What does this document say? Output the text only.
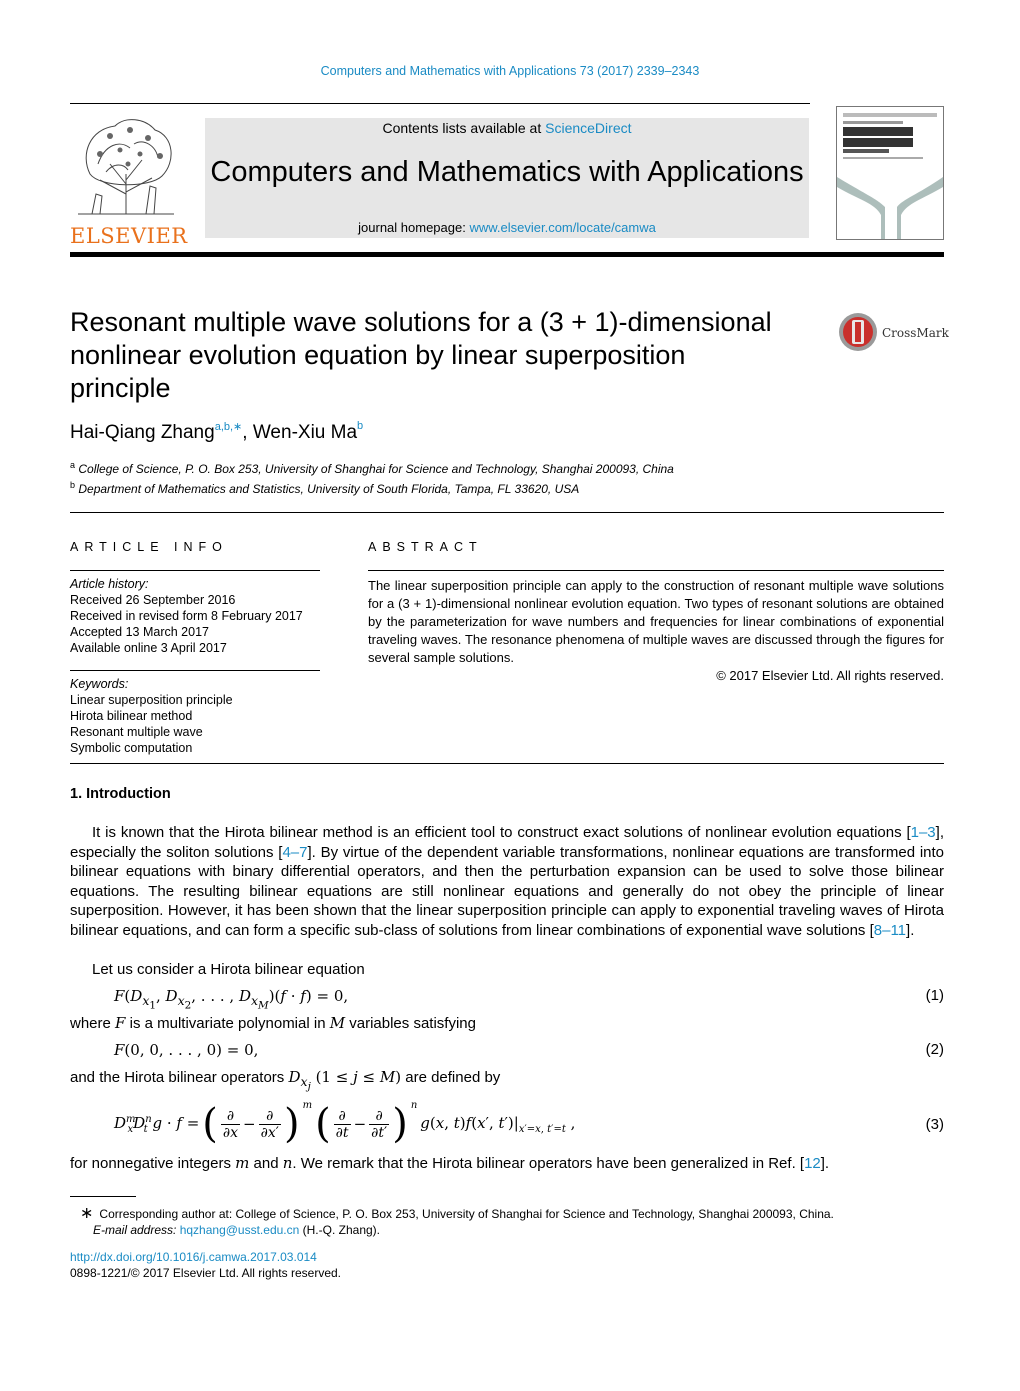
Computers and Mathematics with Applications 73 (2017) 2339–2343
ELSEVIER
Contents lists available at ScienceDirect
Computers and Mathematics with Applications
journal homepage: www.elsevier.com/locate/camwa
Resonant multiple wave solutions for a (3 + 1)-dimensional
nonlinear evolution equation by linear superposition
principle
CrossMark
Hai-Qiang Zhang$^{a,b,∗}$, Wen-Xiu Ma$^b$
$^a$ College of Science, P. O. Box 253, University of Shanghai for Science and Technology, Shanghai 200093, China
$^b$ Department of Mathematics and Statistics, University of South Florida, Tampa, FL 33620, USA
ARTICLE INFO	ABSTRACT
Article history:
Received 26 September 2016
Received in revised form 8 February 2017
Accepted 13 March 2017
Available online 3 April 2017
Keywords:
Linear superposition principle
Hirota bilinear method
Resonant multiple wave
Symbolic computation
The linear superposition principle can apply to the construction of resonant multiple wave solutions for a (3 + 1)-dimensional nonlinear evolution equation. Two types of resonant solutions are obtained by the parameterization for wave numbers and frequencies for linear combinations of exponential traveling waves. The resonance phenomena of multiple waves are discussed through the figures for several sample solutions.
© 2017 Elsevier Ltd. All rights reserved.
1. Introduction
It is known that the Hirota bilinear method is an efficient tool to construct exact solutions of nonlinear evolution equations [1–3], especially the soliton solutions [4–7]. By virtue of the dependent variable transformations, nonlinear equations are transformed into bilinear equations with binary differential operators, and then the perturbation expansion can be used to solve those bilinear equations. The resulting bilinear equations are still nonlinear equations and generally do not obey the principle of linear superposition. However, it has been shown that the linear superposition principle can apply to exponential traveling waves of Hirota bilinear equations, and can form a specific sub-class of solutions from linear combinations of exponential wave solutions [8–11].
Let us consider a Hirota bilinear equation
$F(D_{x_1}$, $D_{x_2}$, . . . , $D_{x_M})(f \cdot f) = 0$,	(1)
where F is a multivariate polynomial in M variables satisfying
F(0, 0, . . . , 0) = 0,	(2)
and the Hirota bilinear operators $D_{x_j}$ (1 ≤ j ≤ M) are defined by
$D^m_xD^n_t$ g · f = ( ∂
∂x − ∂
∂x′ ) $^m$ ( ∂
∂t − ∂
∂t′ ) $^n$
g(x, t)f(x′, $t')|_{x'=x, t'=t}$ ,	(3)
for nonnegative integers m and n. We remark that the Hirota bilinear operators have been generalized in Ref. [12].
∗ Corresponding author at: College of Science, P. O. Box 253, University of Shanghai for Science and Technology, Shanghai 200093, China.
E-mail address: hqzhang@usst.edu.cn (H.-Q. Zhang).
http://dx.doi.org/10.1016/j.camwa.2017.03.014
0898-1221/© 2017 Elsevier Ltd. All rights reserved.
